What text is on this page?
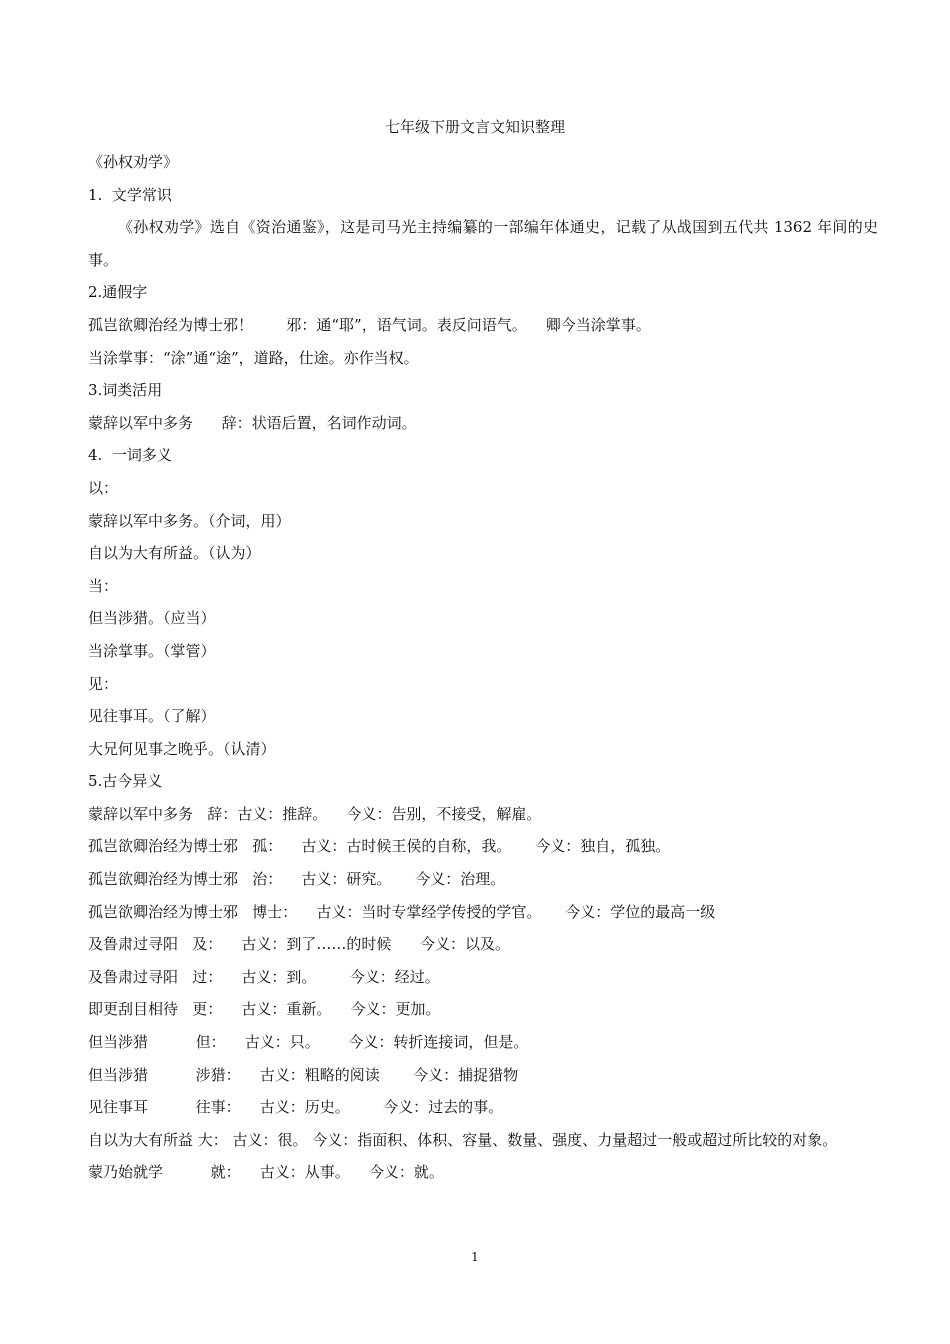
七年级下册文言文知识整理
《孙权劝学》
1.  文学常识
《孙权劝学》选自《资治通鉴》，这是司马光主持编纂的一部编年体通史，记载了从战国到五代共 1362 年间的史事。
2.通假字
孤岂欲卿治经为博士邪！       邪：通“耶”，语气词。表反问语气。    卿今当涂掌事。
当涂掌事：“涂”通“途”，道路，仕途。亦作当权。
3.词类活用
蒙辞以军中多务      辞：状语后置，名词作动词。
4.  一词多义
以：
蒙辞以军中多务。（介词，用）
自以为大有所益。（认为）
当：
但当涉猎。（应当）
当涂掌事。（掌管）
见：
见往事耳。（了解）
大兄何见事之晚乎。（认清）
5.古今异义
蒙辞以军中多务   辞：古义：推辞。    今义：告别，不接受，解雇。
孤岂欲卿治经为博士邪   孤：    古义：古时候王侯的自称，我。     今义：独自，孤独。
孤岂欲卿治经为博士邪   治：    古义：研究。     今义：治理。
孤岂欲卿治经为博士邪   博士：    古义：当时专掌经学传授的学官。     今义：学位的最高一级
及鲁肃过寻阳   及：    古义：到了……的时候      今义：以及。
及鲁肃过寻阳   过：    古义：到。       今义：经过。
即更刮目相待   更：    古义：重新。    今义：更加。
但当涉猎          但：    古义：只。      今义：转折连接词，但是。
但当涉猎          涉猎：    古义：粗略的阅读       今义：捕捉猎物
见往事耳          往事：    古义：历史。       今义：过去的事。
自以为大有所益 大： 古义：很。 今义：指面积、体积、容量、数量、强度、力量超过一般或超过所比较的对象。
蒙乃始就学          就：    古义：从事。    今义：就。
1
